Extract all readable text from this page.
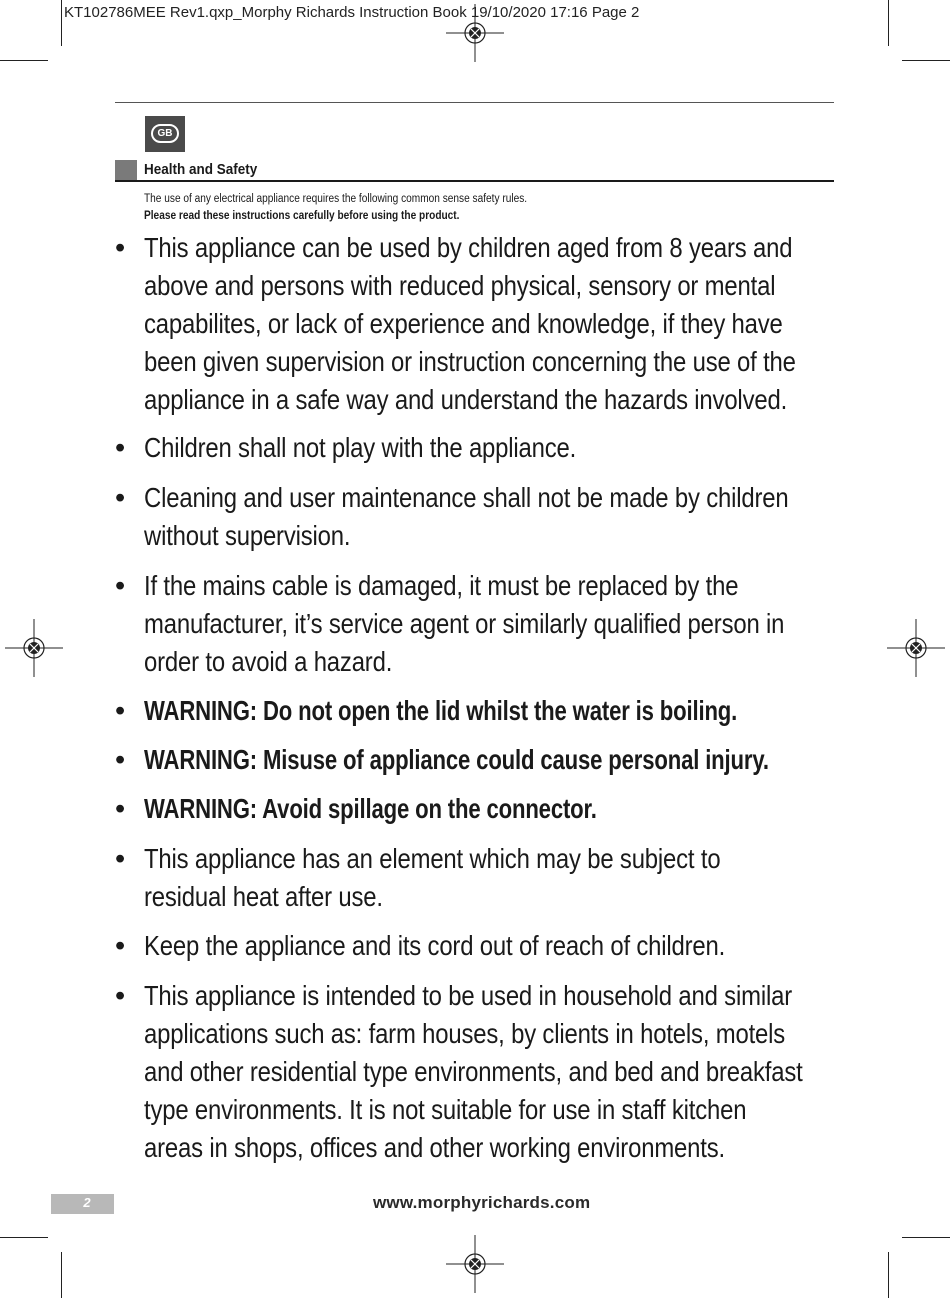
KT102786MEE Rev1.qxp_Morphy Richards Instruction Book 19/10/2020 17:16 Page 2
GB
Health and Safety
The use of any electrical appliance requires the following common sense safety rules.
Please read these instructions carefully before using the product.
• This appliance can be used by children aged from 8 years and
above and persons with reduced physical, sensory or mental
capabilites, or lack of experience and knowledge, if they have
been given supervision or instruction concerning the use of the
appliance in a safe way and understand the hazards involved.
• Children shall not play with the appliance.
• Cleaning and user maintenance shall not be made by children
without supervision.
• If the mains cable is damaged, it must be replaced by the
manufacturer, it’s service agent or similarly qualified person in
order to avoid a hazard.
• WARNING: Do not open the lid whilst the water is boiling.
• WARNING: Misuse of appliance could cause personal injury.
• WARNING: Avoid spillage on the connector.
• This appliance has an element which may be subject to
residual heat after use.
• Keep the appliance and its cord out of reach of children.
• This appliance is intended to be used in household and similar
applications such as: farm houses, by clients in hotels, motels
and other residential type environments, and bed and breakfast
type environments. It is not suitable for use in staff kitchen
areas in shops, offices and other working environments.
2	www.morphyrichards.com
